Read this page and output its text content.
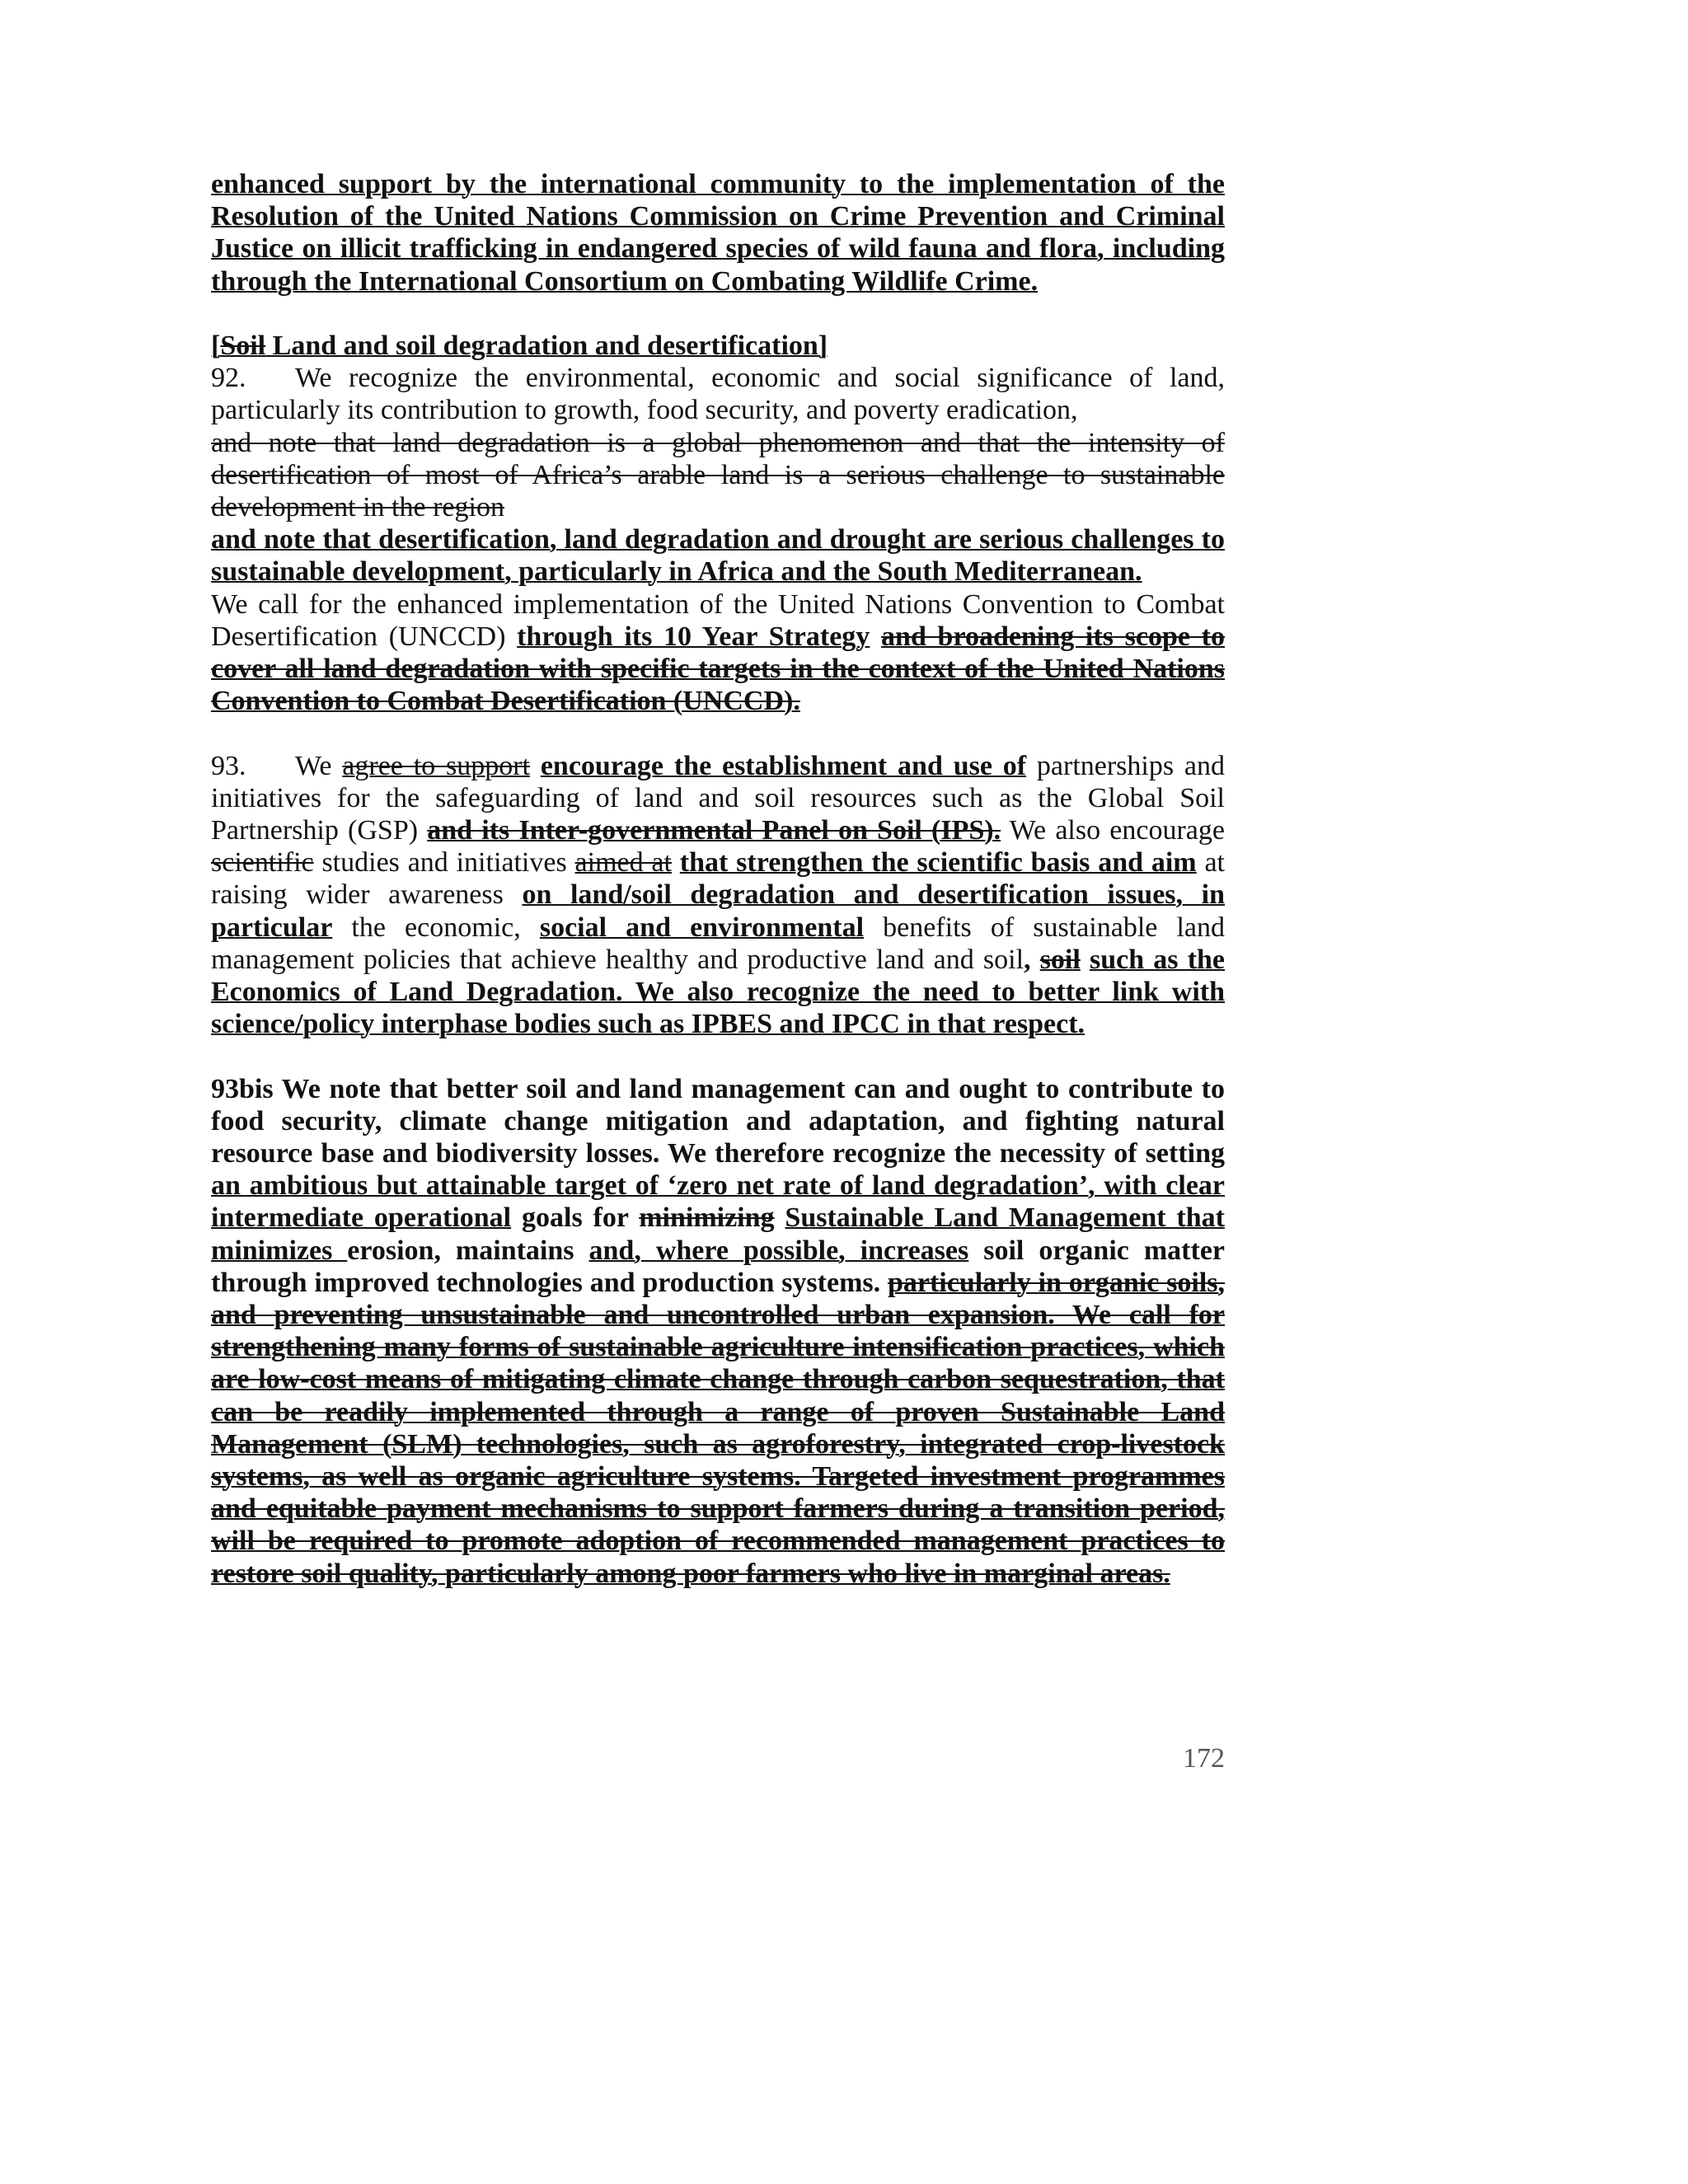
enhanced support by the international community to the implementation of the Resolution of the United Nations Commission on Crime Prevention and Criminal Justice on illicit trafficking in endangered species of wild fauna and flora, including through the International Consortium on Combating Wildlife Crime.

[Soil Land and soil degradation and desertification]

92. We recognize the environmental, economic and social significance of land, particularly its contribution to growth, food security, and poverty eradication,

and note that land degradation is a global phenomenon and that the intensity of desertification of most of Africa’s arable land is a serious challenge to sustainable development in the region

and note that desertification, land degradation and drought are serious challenges to sustainable development, particularly in Africa and the South Mediterranean.

We call for the enhanced implementation of the United Nations Convention to Combat Desertification (UNCCD) through its 10 Year Strategy and broadening its scope to cover all land degradation with specific targets in the context of the United Nations Convention to Combat Desertification (UNCCD).

93. We agree to support encourage the establishment and use of partnerships and initiatives for the safeguarding of land and soil resources such as the Global Soil Partnership (GSP) and its Inter-governmental Panel on Soil (IPS). We also encourage scientific studies and initiatives aimed at that strengthen the scientific basis and aim at raising wider awareness on land/soil degradation and desertification issues, in particular the economic, social and environmental benefits of sustainable land management policies that achieve healthy and productive land and soil, soil such as the Economics of Land Degradation. We also recognize the need to better link with science/policy interphase bodies such as IPBES and IPCC in that respect.

93bis We note that better soil and land management can and ought to contribute to food security, climate change mitigation and adaptation, and fighting natural resource base and biodiversity losses. We therefore recognize the necessity of setting an ambitious but attainable target of ‘zero net rate of land degradation’, with clear intermediate operational goals for minimizing Sustainable Land Management that minimizes erosion, maintains and, where possible, increases soil organic matter through improved technologies and production systems. particularly in organic soils, and preventing unsustainable and uncontrolled urban expansion. We call for strengthening many forms of sustainable agriculture intensification practices, which are low-cost means of mitigating climate change through carbon sequestration, that can be readily implemented through a range of proven Sustainable Land Management (SLM) technologies, such as agroforestry, integrated crop-livestock systems, as well as organic agriculture systems. Targeted investment programmes and equitable payment mechanisms to support farmers during a transition period, will be required to promote adoption of recommended management practices to restore soil quality, particularly among poor farmers who live in marginal areas.

172
